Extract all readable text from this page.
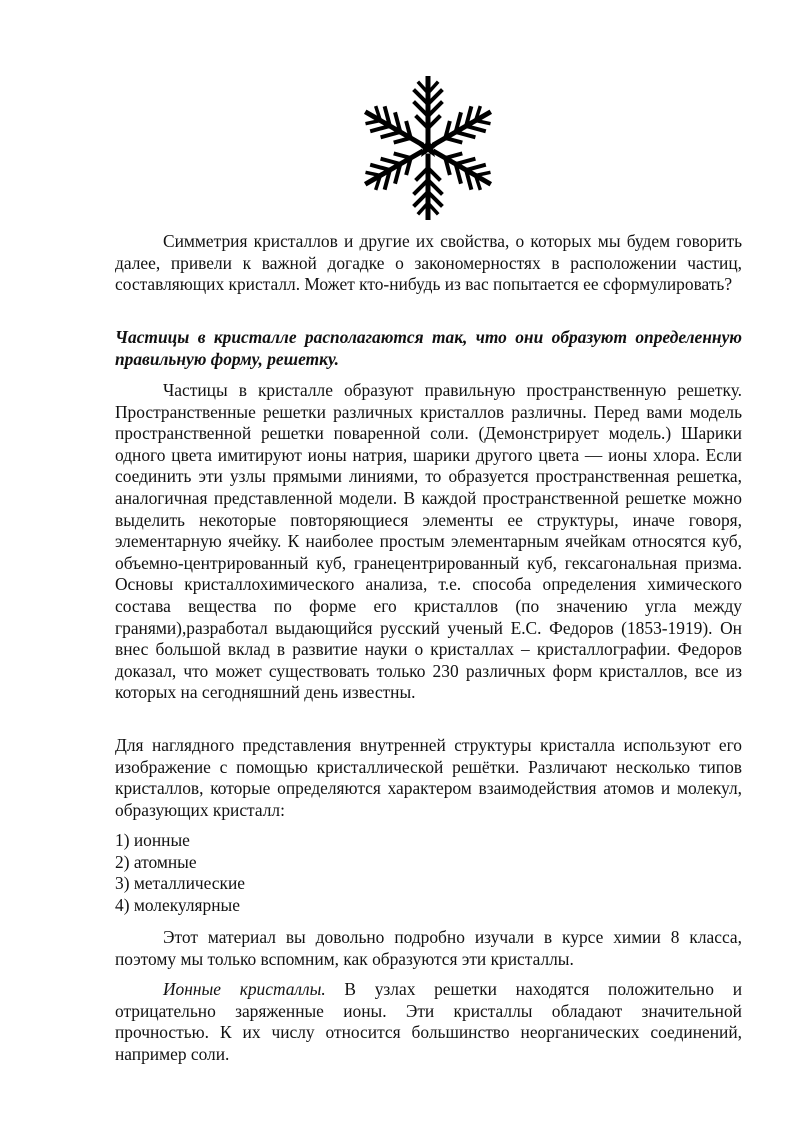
Симметрия кристаллов и другие их свойства, о которых мы будем говорить далее, привели к важной догадке о закономерностях в расположении частиц, составляющих кристалл. Может кто-нибудь из вас попытается ее сформулировать?

Частицы в кристалле располагаются так, что они образуют определенную правильную форму, решетку.

Частицы в кристалле образуют правильную пространственную решетку. Пространственные решетки различных кристаллов различны. Перед вами модель пространственной решетки поваренной соли. (Демонстрирует модель.) Шарики одного цвета имитируют ионы натрия, шарики другого цвета — ионы хлора. Если соединить эти узлы прямыми линиями, то образуется пространственная решетка, аналогичная представленной модели. В каждой пространственной решетке можно выделить некоторые повторяющиеся элементы ее структуры, иначе говоря, элементарную ячейку. К наиболее простым элементарным ячейкам относятся куб, объемно-центрированный куб, гранецентрированный куб, гексагональная призма. Основы кристаллохимического анализа, т.е. способа определения химического состава вещества по форме его кристаллов (по значению угла между гранями),разработал выдающийся русский ученый Е.С. Федоров (1853-1919). Он внес большой вклад в развитие науки о кристаллах – кристаллографии. Федоров доказал, что может существовать только 230 различных форм кристаллов, все из которых на сегодняшний день известны.

Для наглядного представления внутренней структуры кристалла используют его изображение с помощью кристаллической решётки. Различают несколько типов кристаллов, которые определяются характером взаимодействия атомов и молекул, образующих кристалл:

1) ионные
2) атомные
3) металлические
4) молекулярные

Этот материал вы довольно подробно изучали в курсе химии 8 класса, поэтому мы только вспомним, как образуются эти кристаллы.

Ионные кристаллы. В узлах решетки находятся положительно и отрицательно заряженные ионы. Эти кристаллы обладают значительной прочностью. К их числу относится большинство неорганических соединений, например соли.
